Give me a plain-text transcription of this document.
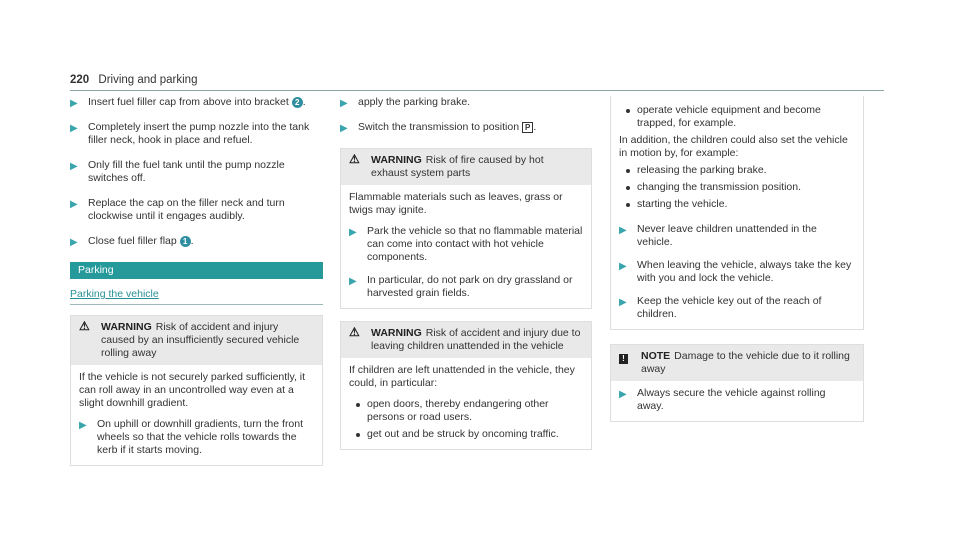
220 Driving and parking
▶ Insert fuel filler cap from above into bracket 2 .
▶ Completely insert the pump nozzle into the tank filler neck, hook in place and refuel.
▶ Only fill the fuel tank until the pump nozzle switches off.
▶ Replace the cap on the filler neck and turn clockwise until it engages audibly.
▶ Close fuel filler flap 1 .
Parking
Parking the vehicle
⚠	WARNING Risk of accident and injury caused by an insufficiently secured vehicle rolling away

If the vehicle is not securely parked sufficiently, it can roll away in an uncontrolled way even at a slight downhill gradient.

▶ On uphill or downhill gradients, turn the front wheels so that the vehicle rolls towards the kerb if it starts moving.
▶ apply the parking brake.
▶ Switch the transmission to position P .
⚠	WARNING Risk of fire caused by hot exhaust system parts

Flammable materials such as leaves, grass or twigs may ignite.

▶ Park the vehicle so that no flammable material can come into contact with hot vehicle components.
▶ In particular, do not park on dry grassland or harvested grain fields.
⚠	WARNING Risk of accident and injury due to leaving children unattended in the vehicle

If children are left unattended in the vehicle, they could, in particular:

open doors, thereby endangering other persons or road users.
get out and be struck by oncoming traffic.
operate vehicle equipment and become trapped, for example.

In addition, the children could also set the vehicle in motion by, for example:

releasing the parking brake.
changing the transmission position.
starting the vehicle.
▶ Never leave children unattended in the vehicle.
▶ When leaving the vehicle, always take the key with you and lock the vehicle.
▶ Keep the vehicle key out of the reach of children.
!	NOTE Damage to the vehicle due to it rolling away
▶ Always secure the vehicle against rolling away.
